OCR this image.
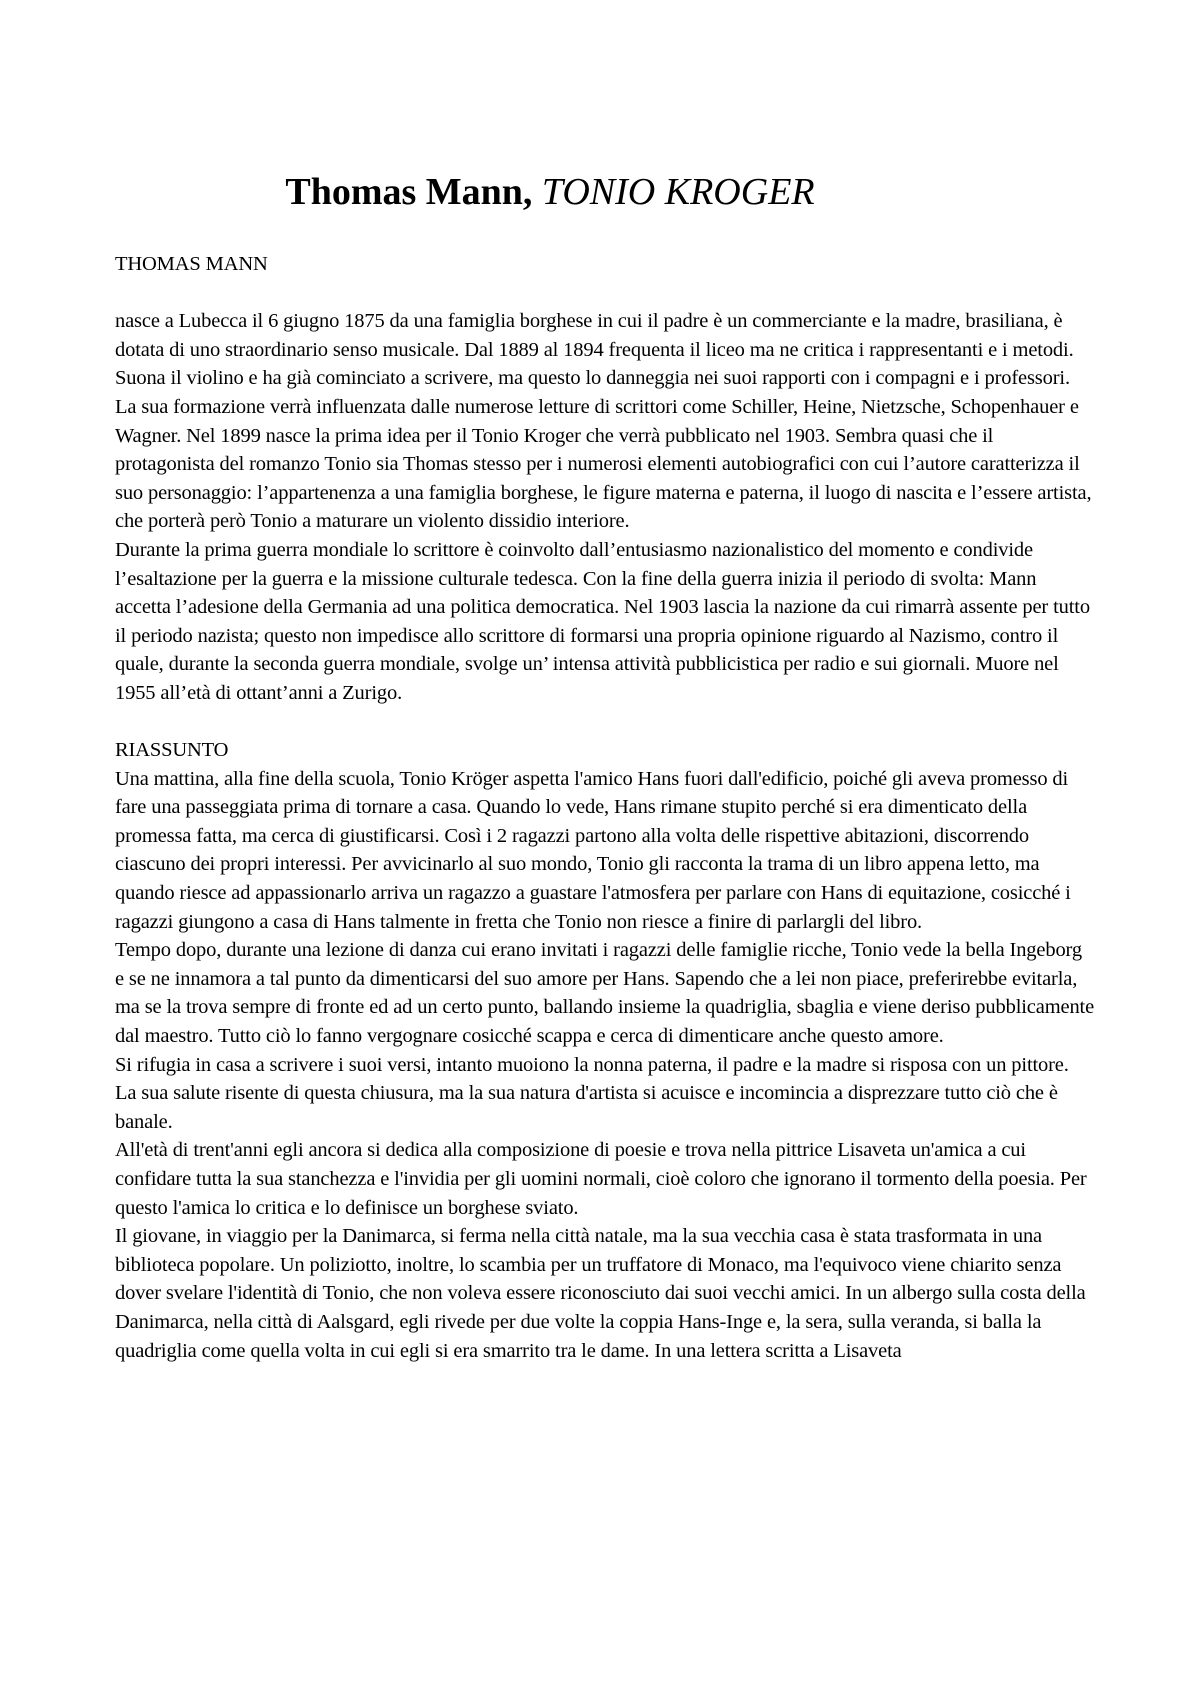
Thomas Mann, TONIO KROGER
THOMAS MANN

nasce a Lubecca il 6 giugno 1875 da una famiglia borghese in cui il padre è un commerciante e la madre, brasiliana, è dotata di uno straordinario senso musicale. Dal 1889 al 1894 frequenta il liceo ma ne critica i rappresentanti e i metodi. Suona il violino e ha già cominciato a scrivere, ma questo lo danneggia nei suoi rapporti con i compagni e i professori. La sua formazione verrà influenzata dalle numerose letture di scrittori come Schiller, Heine, Nietzsche, Schopenhauer e Wagner. Nel 1899 nasce la prima idea per il Tonio Kroger che verrà pubblicato nel 1903. Sembra quasi che il protagonista del romanzo Tonio sia Thomas stesso per i numerosi elementi autobiografici con cui l’autore caratterizza il suo personaggio: l’appartenenza a una famiglia borghese, le figure materna e paterna, il luogo di nascita e l’essere artista, che porterà però Tonio a maturare un violento dissidio interiore.

Durante la prima guerra mondiale lo scrittore è coinvolto dall’entusiasmo nazionalistico del momento e condivide l’esaltazione per la guerra e la missione culturale tedesca. Con la fine della guerra inizia il periodo di svolta: Mann accetta l’adesione della Germania ad una politica democratica. Nel 1903 lascia la nazione da cui rimarrà assente per tutto il periodo nazista; questo non impedisce allo scrittore di formarsi una propria opinione riguardo al Nazismo, contro il quale, durante la seconda guerra mondiale, svolge un’ intensa attività pubblicistica per radio e sui giornali. Muore nel 1955 all’età di ottant’anni a Zurigo.

RIASSUNTO

Una mattina, alla fine della scuola, Tonio Kröger aspetta l'amico Hans fuori dall'edificio, poiché gli aveva promesso di fare una passeggiata prima di tornare a casa. Quando lo vede, Hans rimane stupito perché si era dimenticato della promessa fatta, ma cerca di giustificarsi. Così i 2 ragazzi partono alla volta delle rispettive abitazioni, discorrendo ciascuno dei propri interessi. Per avvicinarlo al suo mondo, Tonio gli racconta la trama di un libro appena letto, ma quando riesce ad appassionarlo arriva un ragazzo a guastare l'atmosfera per parlare con Hans di equitazione, cosicché i ragazzi giungono a casa di Hans talmente in fretta che Tonio non riesce a finire di parlargli del libro.

Tempo dopo, durante una lezione di danza cui erano invitati i ragazzi delle famiglie ricche, Tonio vede la bella Ingeborg e se ne innamora a tal punto da dimenticarsi del suo amore per Hans. Sapendo che a lei non piace, preferirebbe evitarla, ma se la trova sempre di fronte ed ad un certo punto, ballando insieme la quadriglia, sbaglia e viene deriso pubblicamente dal maestro. Tutto ciò lo fanno vergognare cosicché scappa e cerca di dimenticare anche questo amore.

Si rifugia in casa a scrivere i suoi versi, intanto muoiono la nonna paterna, il padre e la madre si risposa con un pittore. La sua salute risente di questa chiusura, ma la sua natura d'artista si acuisce e incomincia a disprezzare tutto ciò che è banale.

All'età di trent'anni egli ancora si dedica alla composizione di poesie e trova nella pittrice Lisaveta un'amica a cui confidare tutta la sua stanchezza e l'invidia per gli uomini normali, cioè coloro che ignorano il tormento della poesia. Per questo l'amica lo critica e lo definisce un borghese sviato.

Il giovane, in viaggio per la Danimarca, si ferma nella città natale, ma la sua vecchia casa è stata trasformata in una biblioteca popolare. Un poliziotto, inoltre, lo scambia per un truffatore di Monaco, ma l'equivoco viene chiarito senza dover svelare l'identità di Tonio, che non voleva essere riconosciuto dai suoi vecchi amici. In un albergo sulla costa della Danimarca, nella città di Aalsgard, egli rivede per due volte la coppia Hans-Inge e, la sera, sulla veranda, si balla la quadriglia come quella volta in cui egli si era smarrito tra le dame. In una lettera scritta a Lisaveta
